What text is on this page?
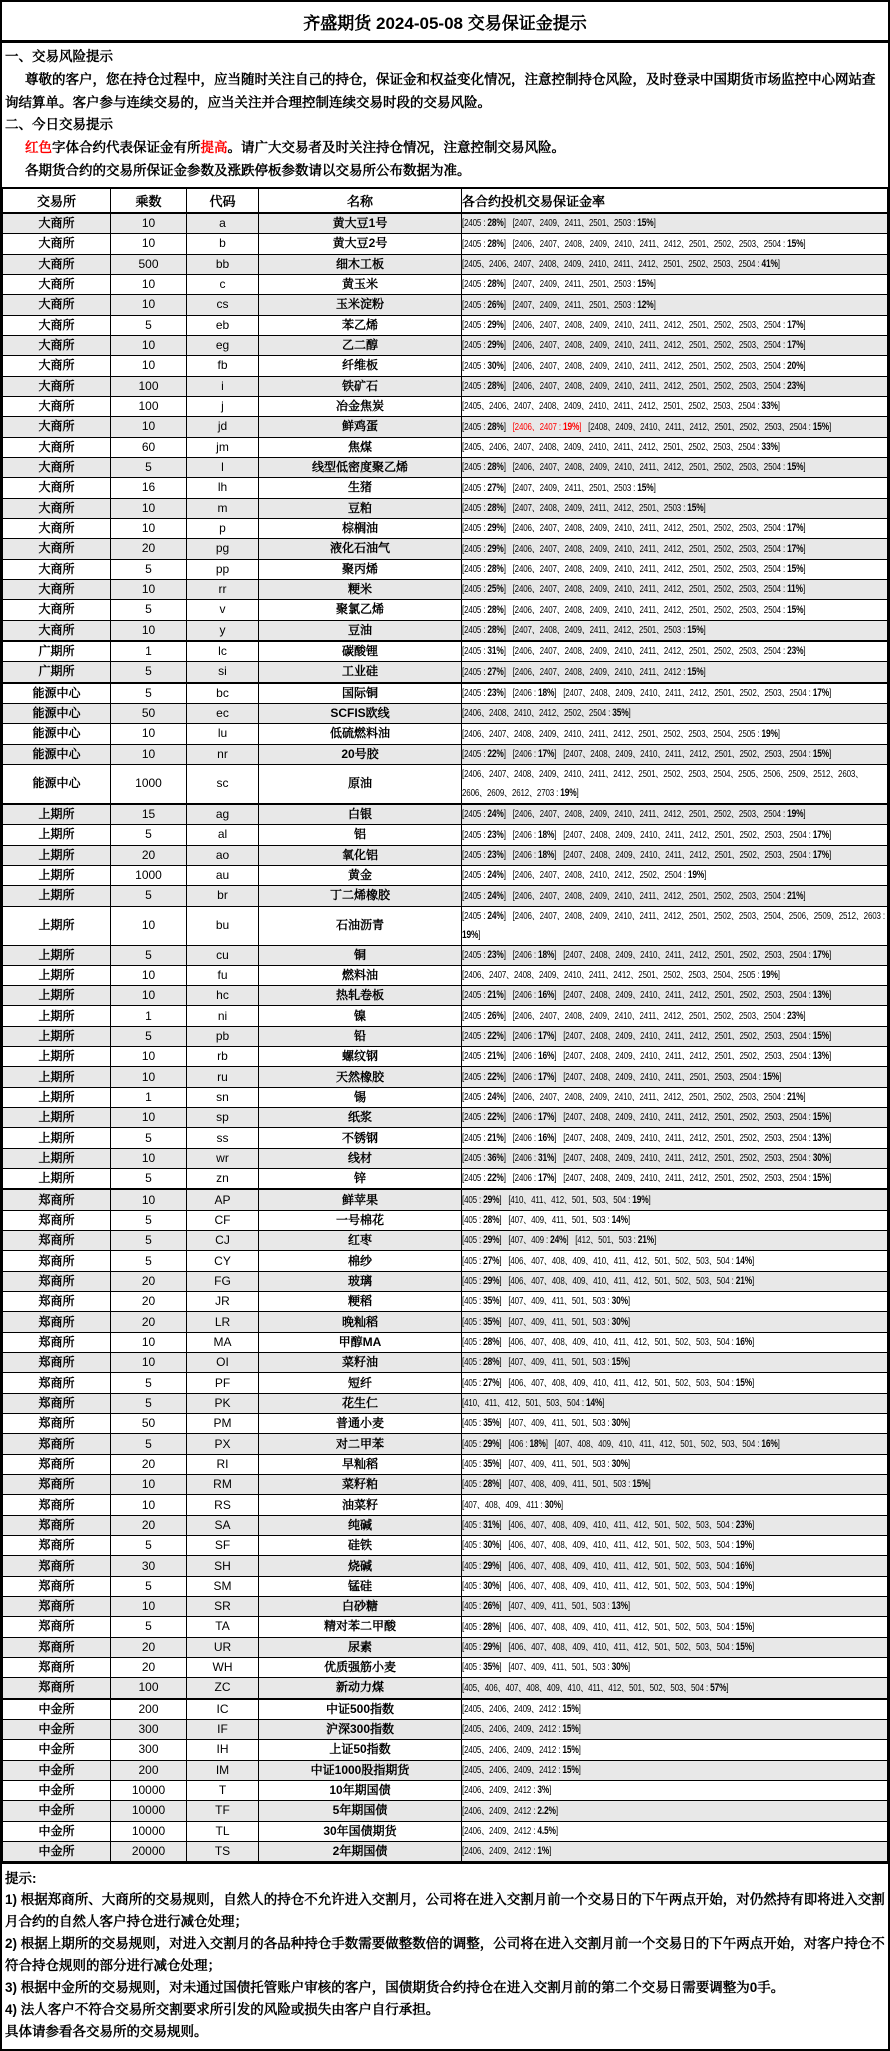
齐盛期货 2024-05-08 交易保证金提示
一、交易风险提示

尊敬的客户，您在持仓过程中，应当随时关注自己的持仓，保证金和权益变化情况，注意控制持仓风险，及时登录中国期货市场监控中心网站查询结算单。客户参与连续交易的，应当关注并合理控制连续交易时段的交易风险。

二、今日交易提示
红色字体合约代表保证金有所提高。请广大交易者及时关注持仓情况，注意控制交易风险。
各期货合约的交易所保证金参数及涨跌停板参数请以交易所公布数据为准。
交易所	乘数	代码	名称	各合约投机交易保证金率
大商所	10	a	黄大豆1号	[2405 : 28%] [2407、2409、2411、2501、2503 : 15%]
大商所	10	b	黄大豆2号	[2405 : 28%] [2406、2407、2408、2409、2410、2411、2412、2501、2502、2503、2504 : 15%]
大商所	500	bb	细木工板	[2405、2406、2407、2408、2409、2410、2411、2412、2501、2502、2503、2504 : 41%]
大商所	10	c	黄玉米	[2405 : 28%] [2407、2409、2411、2501、2503 : 15%]
大商所	10	cs	玉米淀粉	[2405 : 26%] [2407、2409、2411、2501、2503 : 12%]
大商所	5	eb	苯乙烯	[2405 : 29%] [2406、2407、2408、2409、2410、2411、2412、2501、2502、2503、2504 : 17%]
大商所	10	eg	乙二醇	[2405 : 29%] [2406、2407、2408、2409、2410、2411、2412、2501、2502、2503、2504 : 17%]
大商所	10	fb	纤维板	[2405 : 30%] [2406、2407、2408、2409、2410、2411、2412、2501、2502、2503、2504 : 20%]
大商所	100	i	铁矿石	[2405 : 28%] [2406、2407、2408、2409、2410、2411、2412、2501、2502、2503、2504 : 23%]
大商所	100	j	冶金焦炭	[2405、2406、2407、2408、2409、2410、2411、2412、2501、2502、2503、2504 : 33%]
大商所	10	jd	鲜鸡蛋	[2405 : 28%] [2406、2407 : 19%] [2408、2409、2410、2411、2412、2501、2502、2503、2504 : 15%]
大商所	60	jm	焦煤	[2405、2406、2407、2408、2409、2410、2411、2412、2501、2502、2503、2504 : 33%]
大商所	5	l	线型低密度聚乙烯	[2405 : 28%] [2406、2407、2408、2409、2410、2411、2412、2501、2502、2503、2504 : 15%]
大商所	16	lh	生猪	[2405 : 27%] [2407、2409、2411、2501、2503 : 15%]
大商所	10	m	豆粕	[2405 : 28%] [2407、2408、2409、2411、2412、2501、2503 : 15%]
大商所	10	p	棕榈油	[2405 : 29%] [2406、2407、2408、2409、2410、2411、2412、2501、2502、2503、2504 : 17%]
大商所	20	pg	液化石油气	[2405 : 29%] [2406、2407、2408、2409、2410、2411、2412、2501、2502、2503、2504 : 17%]
大商所	5	pp	聚丙烯	[2405 : 28%] [2406、2407、2408、2409、2410、2411、2412、2501、2502、2503、2504 : 15%]
大商所	10	rr	粳米	[2405 : 25%] [2406、2407、2408、2409、2410、2411、2412、2501、2502、2503、2504 : 11%]
大商所	5	v	聚氯乙烯	[2405 : 28%] [2406、2407、2408、2409、2410、2411、2412、2501、2502、2503、2504 : 15%]
大商所	10	y	豆油	[2405 : 28%] [2407、2408、2409、2411、2412、2501、2503 : 15%]
广期所	1	lc	碳酸锂	[2405 : 31%] [2406、2407、2408、2409、2410、2411、2412、2501、2502、2503、2504 : 23%]
广期所	5	si	工业硅	[2405 : 27%] [2406、2407、2408、2409、2410、2411、2412 : 15%]
能源中心	5	bc	国际铜	[2405 : 23%] [2406 : 18%] [2407、2408、2409、2410、2411、2412、2501、2502、2503、2504 : 17%]
能源中心	50	ec	SCFIS欧线	[2406、2408、2410、2412、2502、2504 : 35%]
能源中心	10	lu	低硫燃料油	[2406、2407、2408、2409、2410、2411、2412、2501、2502、2503、2504、2505 : 19%]
能源中心	10	nr	20号胶	[2405 : 22%] [2406 : 17%] [2407、2408、2409、2410、2411、2412、2501、2502、2503、2504 : 15%]
能源中心	1000	sc	原油	[2406、2407、2408、2409、2410、2411、2412、2501、2502、2503、2504、2505、2506、2509、2512、2603、2606、2609、2612、2703 : 19%]
上期所	15	ag	白银	[2405 : 24%] [2406、2407、2408、2409、2410、2411、2412、2501、2502、2503、2504 : 19%]
上期所	5	al	铝	[2405 : 23%] [2406 : 18%] [2407、2408、2409、2410、2411、2412、2501、2502、2503、2504 : 17%]
上期所	20	ao	氧化铝	[2405 : 23%] [2406 : 18%] [2407、2408、2409、2410、2411、2412、2501、2502、2503、2504 : 17%]
上期所	1000	au	黄金	[2405 : 24%] [2406、2407、2408、2410、2412、2502、2504 : 19%]
上期所	5	br	丁二烯橡胶	[2405 : 24%] [2406、2407、2408、2409、2410、2411、2412、2501、2502、2503、2504 : 21%]
上期所	10	bu	石油沥青	[2405 : 24%] [2406、2407、2408、2409、2410、2411、2412、2501、2502、2503、2504、2506、2509、2512、2603 : 19%]
上期所	5	cu	铜	[2405 : 23%] [2406 : 18%] [2407、2408、2409、2410、2411、2412、2501、2502、2503、2504 : 17%]
上期所	10	fu	燃料油	[2406、2407、2408、2409、2410、2411、2412、2501、2502、2503、2504、2505 : 19%]
上期所	10	hc	热轧卷板	[2405 : 21%] [2406 : 16%] [2407、2408、2409、2410、2411、2412、2501、2502、2503、2504 : 13%]
上期所	1	ni	镍	[2405 : 26%] [2406、2407、2408、2409、2410、2411、2412、2501、2502、2503、2504 : 23%]
上期所	5	pb	铅	[2405 : 22%] [2406 : 17%] [2407、2408、2409、2410、2411、2412、2501、2502、2503、2504 : 15%]
上期所	10	rb	螺纹钢	[2405 : 21%] [2406 : 16%] [2407、2408、2409、2410、2411、2412、2501、2502、2503、2504 : 13%]
上期所	10	ru	天然橡胶	[2405 : 22%] [2406 : 17%] [2407、2408、2409、2410、2411、2501、2503、2504 : 15%]
上期所	1	sn	锡	[2405 : 24%] [2406、2407、2408、2409、2410、2411、2412、2501、2502、2503、2504 : 21%]
上期所	10	sp	纸浆	[2405 : 22%] [2406 : 17%] [2407、2408、2409、2410、2411、2412、2501、2502、2503、2504 : 15%]
上期所	5	ss	不锈钢	[2405 : 21%] [2406 : 16%] [2407、2408、2409、2410、2411、2412、2501、2502、2503、2504 : 13%]
上期所	10	wr	线材	[2405 : 36%] [2406 : 31%] [2407、2408、2409、2410、2411、2412、2501、2502、2503、2504 : 30%]
上期所	5	zn	锌	[2405 : 22%] [2406 : 17%] [2407、2408、2409、2410、2411、2412、2501、2502、2503、2504 : 15%]
郑商所	10	AP	鲜苹果	[405 : 29%] [410、411、412、501、503、504 : 19%]
郑商所	5	CF	一号棉花	[405 : 28%] [407、409、411、501、503 : 14%]
郑商所	5	CJ	红枣	[405 : 29%] [407、409 : 24%] [412、501、503 : 21%]
郑商所	5	CY	棉纱	[405 : 27%] [406、407、408、409、410、411、412、501、502、503、504 : 14%]
郑商所	20	FG	玻璃	[405 : 29%] [406、407、408、409、410、411、412、501、502、503、504 : 21%]
郑商所	20	JR	粳稻	[405 : 35%] [407、409、411、501、503 : 30%]
郑商所	20	LR	晚籼稻	[405 : 35%] [407、409、411、501、503 : 30%]
郑商所	10	MA	甲醇MA	[405 : 28%] [406、407、408、409、410、411、412、501、502、503、504 : 16%]
郑商所	10	OI	菜籽油	[405 : 28%] [407、409、411、501、503 : 15%]
郑商所	5	PF	短纤	[405 : 27%] [406、407、408、409、410、411、412、501、502、503、504 : 15%]
郑商所	5	PK	花生仁	[410、411、412、501、503、504 : 14%]
郑商所	50	PM	普通小麦	[405 : 35%] [407、409、411、501、503 : 30%]
郑商所	5	PX	对二甲苯	[405 : 29%] [406 : 18%] [407、408、409、410、411、412、501、502、503、504 : 16%]
郑商所	20	RI	早籼稻	[405 : 35%] [407、409、411、501、503 : 30%]
郑商所	10	RM	菜籽粕	[405 : 28%] [407、408、409、411、501、503 : 15%]
郑商所	10	RS	油菜籽	[407、408、409、411 : 30%]
郑商所	20	SA	纯碱	[405 : 31%] [406、407、408、409、410、411、412、501、502、503、504 : 23%]
郑商所	5	SF	硅铁	[405 : 30%] [406、407、408、409、410、411、412、501、502、503、504 : 19%]
郑商所	30	SH	烧碱	[405 : 29%] [406、407、408、409、410、411、412、501、502、503、504 : 16%]
郑商所	5	SM	锰硅	[405 : 30%] [406、407、408、409、410、411、412、501、502、503、504 : 19%]
郑商所	10	SR	白砂糖	[405 : 26%] [407、409、411、501、503 : 13%]
郑商所	5	TA	精对苯二甲酸	[405 : 28%] [406、407、408、409、410、411、412、501、502、503、504 : 15%]
郑商所	20	UR	尿素	[405 : 29%] [406、407、408、409、410、411、412、501、502、503、504 : 15%]
郑商所	20	WH	优质强筋小麦	[405 : 35%] [407、409、411、501、503 : 30%]
郑商所	100	ZC	新动力煤	[405、406、407、408、409、410、411、412、501、502、503、504 : 57%]
中金所	200	IC	中证500指数	[2405、2406、2409、2412 : 15%]
中金所	300	IF	沪深300指数	[2405、2406、2409、2412 : 15%]
中金所	300	IH	上证50指数	[2405、2406、2409、2412 : 15%]
中金所	200	IM	中证1000股指期货	[2405、2406、2409、2412 : 15%]
中金所	10000	T	10年期国债	[2406、2409、2412 : 3%]
中金所	10000	TF	5年期国债	[2406、2409、2412 : 2.2%]
中金所	10000	TL	30年国债期货	[2406、2409、2412 : 4.5%]
中金所	20000	TS	2年期国债	[2406、2409、2412 : 1%]
提示:
1) 根据郑商所、大商所的交易规则，自然人的持仓不允许进入交割月，公司将在进入交割月前一个交易日的下午两点开始，对仍然持有即将进入交割月合约的自然人客户持仓进行减仓处理；
2) 根据上期所的交易规则，对进入交割月的各品种持仓手数需要做整数倍的调整，公司将在进入交割月前一个交易日的下午两点开始，对客户持仓不符合持仓规则的部分进行减仓处理；
3) 根据中金所的交易规则，对未通过国债托管账户审核的客户，国债期货合约持仓在进入交割月前的第二个交易日需要调整为0手。
4) 法人客户不符合交易所交割要求所引发的风险或损失由客户自行承担。
具体请参看各交易所的交易规则。
